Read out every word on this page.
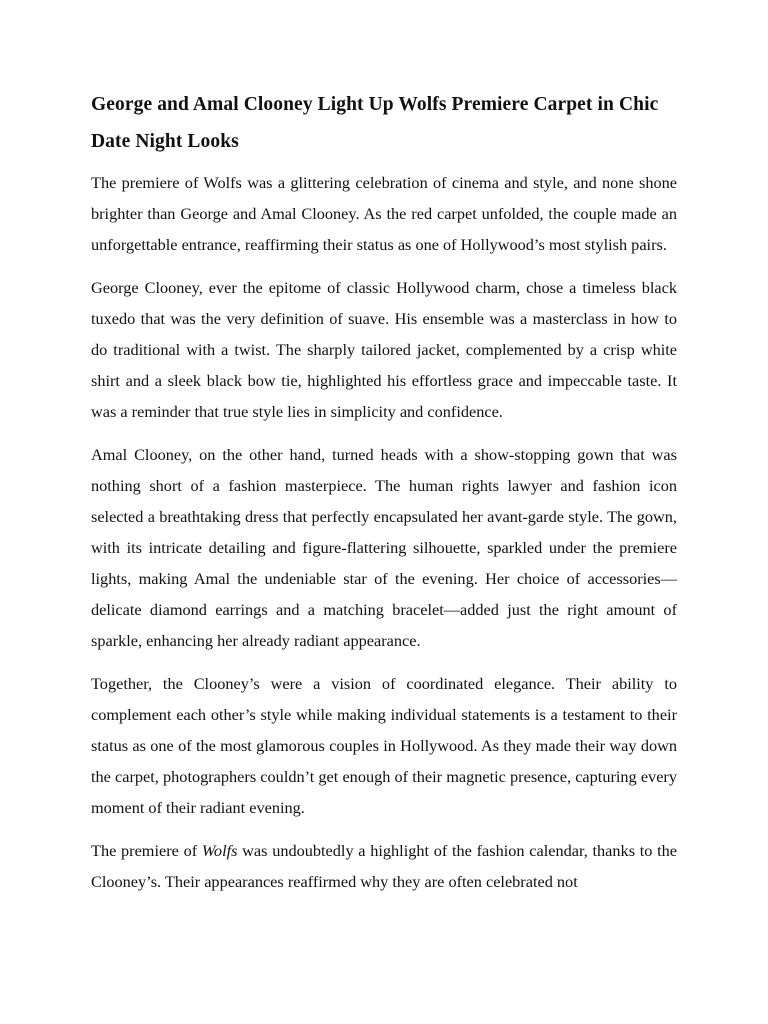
George and Amal Clooney Light Up Wolfs Premiere Carpet in Chic Date Night Looks

The premiere of Wolfs was a glittering celebration of cinema and style, and none shone brighter than George and Amal Clooney. As the red carpet unfolded, the couple made an unforgettable entrance, reaffirming their status as one of Hollywood’s most stylish pairs.

George Clooney, ever the epitome of classic Hollywood charm, chose a timeless black tuxedo that was the very definition of suave. His ensemble was a masterclass in how to do traditional with a twist. The sharply tailored jacket, complemented by a crisp white shirt and a sleek black bow tie, highlighted his effortless grace and impeccable taste. It was a reminder that true style lies in simplicity and confidence.

Amal Clooney, on the other hand, turned heads with a show-stopping gown that was nothing short of a fashion masterpiece. The human rights lawyer and fashion icon selected a breathtaking dress that perfectly encapsulated her avant-garde style. The gown, with its intricate detailing and figure-flattering silhouette, sparkled under the premiere lights, making Amal the undeniable star of the evening. Her choice of accessories—delicate diamond earrings and a matching bracelet—added just the right amount of sparkle, enhancing her already radiant appearance.

Together, the Clooney’s were a vision of coordinated elegance. Their ability to complement each other’s style while making individual statements is a testament to their status as one of the most glamorous couples in Hollywood. As they made their way down the carpet, photographers couldn’t get enough of their magnetic presence, capturing every moment of their radiant evening.

The premiere of Wolfs was undoubtedly a highlight of the fashion calendar, thanks to the Clooney’s. Their appearances reaffirmed why they are often celebrated not
